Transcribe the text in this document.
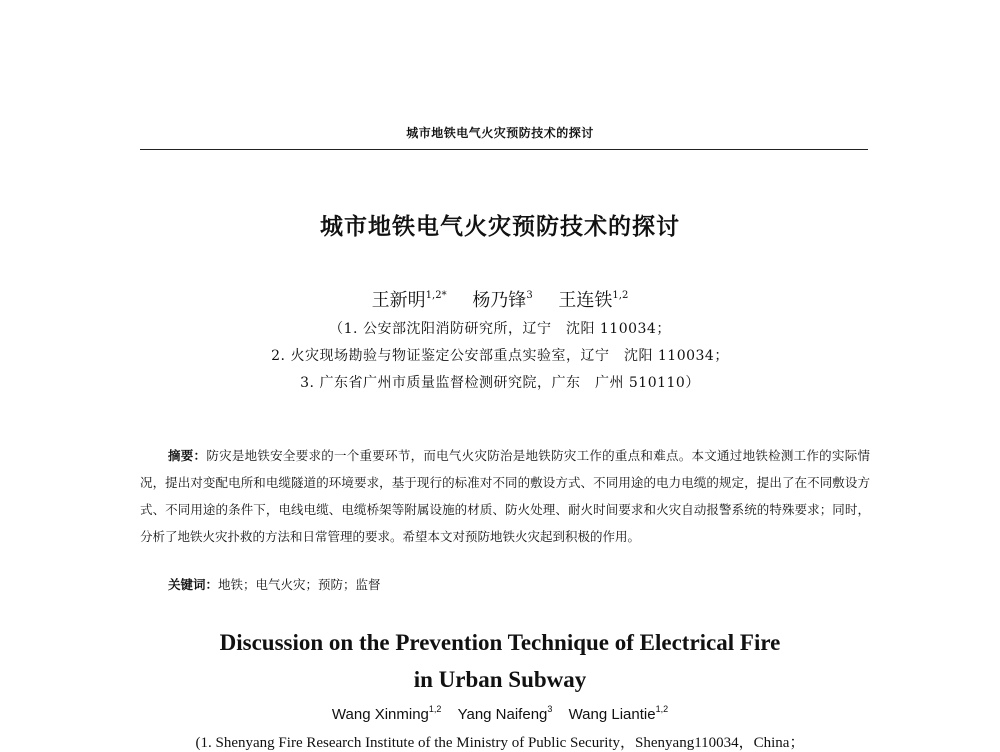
城市地铁电气火灾预防技术的探讨
城市地铁电气火灾预防技术的探讨
王新明$^{1,2*}$ 杨乃锋$^3$ 王连铁$^{1,2}$
（1. 公安部沈阳消防研究所，辽宁　沈阳 110034；
2. 火灾现场勘验与物证鉴定公安部重点实验室，辽宁　沈阳 110034；
3. 广东省广州市质量监督检测研究院，广东　广州 510110）
摘要：防灾是地铁安全要求的一个重要环节，而电气火灾防治是地铁防灾工作的重点和难点。本文通过地铁检测工作的实际情况，提出对变配电所和电缆隧道的环境要求，基于现行的标准对不同的敷设方式、不同用途的电力电缆的规定，提出了在不同敷设方式、不同用途的条件下，电线电缆、电缆桥架等附属设施的材质、防火处理、耐火时间要求和火灾自动报警系统的特殊要求；同时，分析了地铁火灾扑救的方法和日常管理的要求。希望本文对预防地铁火灾起到积极的作用。
关键词：地铁；电气火灾；预防；监督
Discussion on the Prevention Technique of Electrical Fire
in Urban Subway
Wang Xinming$^{1,2}$ Yang Naifeng$^3$ Wang Liantie$^{1,2}$
(1. Shenyang Fire Research Institute of the Ministry of Public Security，Shenyang110034，China；
